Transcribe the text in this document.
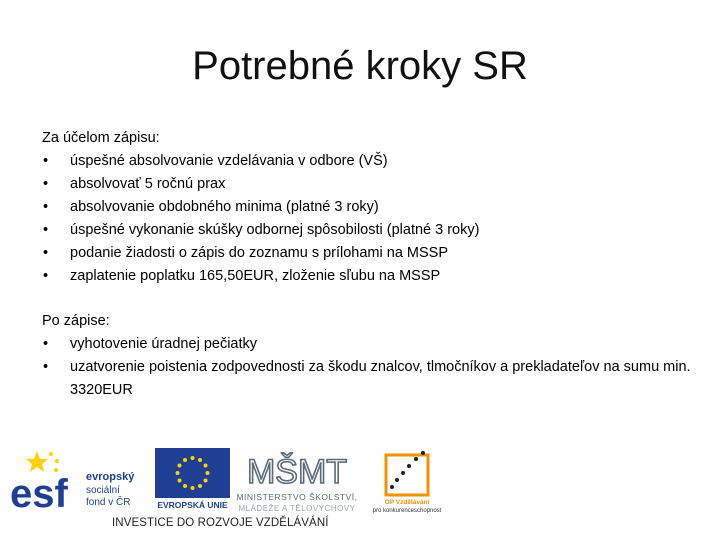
Potrebné kroky SR

Za účelom zápisu:

• úspešné absolvovanie vzdelávania v odbore (VŠ)
• absolvovať 5 ročnú prax
• absolvovanie obdobného minima (platné 3 roky)
• úspešné vykonanie skúšky odbornej spôsobilosti (platné 3 roky)
• podanie žiadosti o zápis do zoznamu s prílohami na MSSP
• zaplatenie poplatku 165,50EUR, zloženie sľubu na MSSP

Po zápise:

• vyhotovenie úradnej pečiatky
• uzatvorenie poistenia zodpovednosti za škodu znalcov, tlmočníkov a prekladateľov na sumu min. 3320EUR
esf evropský
sociální
fond v ČR	EVROPSKÁ UNIE
MŠMT
MINISTERSTVO ŠKOLSTVÍ,
MLÁDEŽE A TĚLOVÝCHOVY
OP Vzdělávání
pro konkurenceschopnost
INVESTICE DO ROZVOJE VZDĚLÁVÁNÍ
